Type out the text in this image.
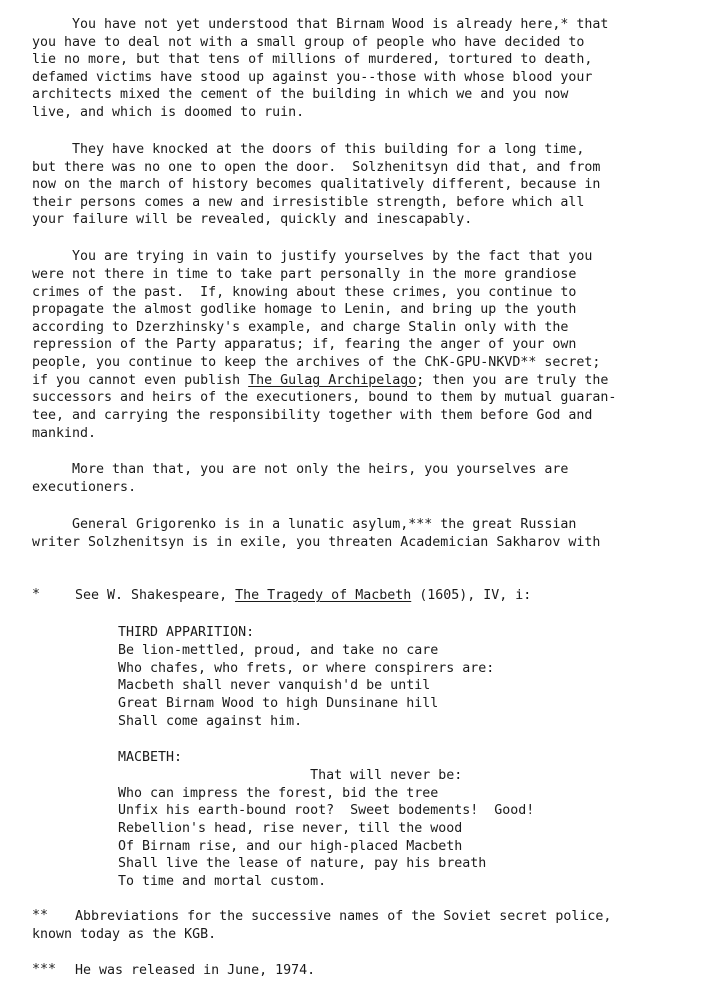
You have not yet understood that Birnam Wood is already here,* that
you have to deal not with a small group of people who have decided to
lie no more, but that tens of millions of murdered, tortured to death,
defamed victims have stood up against you--those with whose blood your
architects mixed the cement of the building in which we and you now
live, and which is doomed to ruin.
They have knocked at the doors of this building for a long time,
but there was no one to open the door.  Solzhenitsyn did that, and from
now on the march of history becomes qualitatively different, because in
their persons comes a new and irresistible strength, before which all
your failure will be revealed, quickly and inescapably.
You are trying in vain to justify yourselves by the fact that you
were not there in time to take part personally in the more grandiose
crimes of the past.  If, knowing about these crimes, you continue to
propagate the almost godlike homage to Lenin, and bring up the youth
according to Dzerzhinsky's example, and charge Stalin only with the
repression of the Party apparatus; if, fearing the anger of your own
people, you continue to keep the archives of the ChK-GPU-NKVD** secret;
if you cannot even publish The Gulag Archipelago; then you are truly the
successors and heirs of the executioners, bound to them by mutual guaran-
tee, and carrying the responsibility together with them before God and
mankind.
More than that, you are not only the heirs, you yourselves are
executioners.
General Grigorenko is in a lunatic asylum,*** the great Russian
writer Solzhenitsyn is in exile, you threaten Academician Sakharov with
*	See W. Shakespeare, The Tragedy of Macbeth (1605), IV, i:
THIRD APPARITION:
Be lion-mettled, proud, and take no care
Who chafes, who frets, or where conspirers are:
Macbeth shall never vanquish'd be until
Great Birnam Wood to high Dunsinane hill
Shall come against him.
MACBETH:
That will never be:
Who can impress the forest, bid the tree
Unfix his earth-bound root?  Sweet bodements!  Good!
Rebellion's head, rise never, till the wood
Of Birnam rise, and our high-placed Macbeth
Shall live the lease of nature, pay his breath
To time and mortal custom.
** Abbreviations for the successive names of the Soviet secret police,
known today as the KGB.
*** He was released in June, 1974.
